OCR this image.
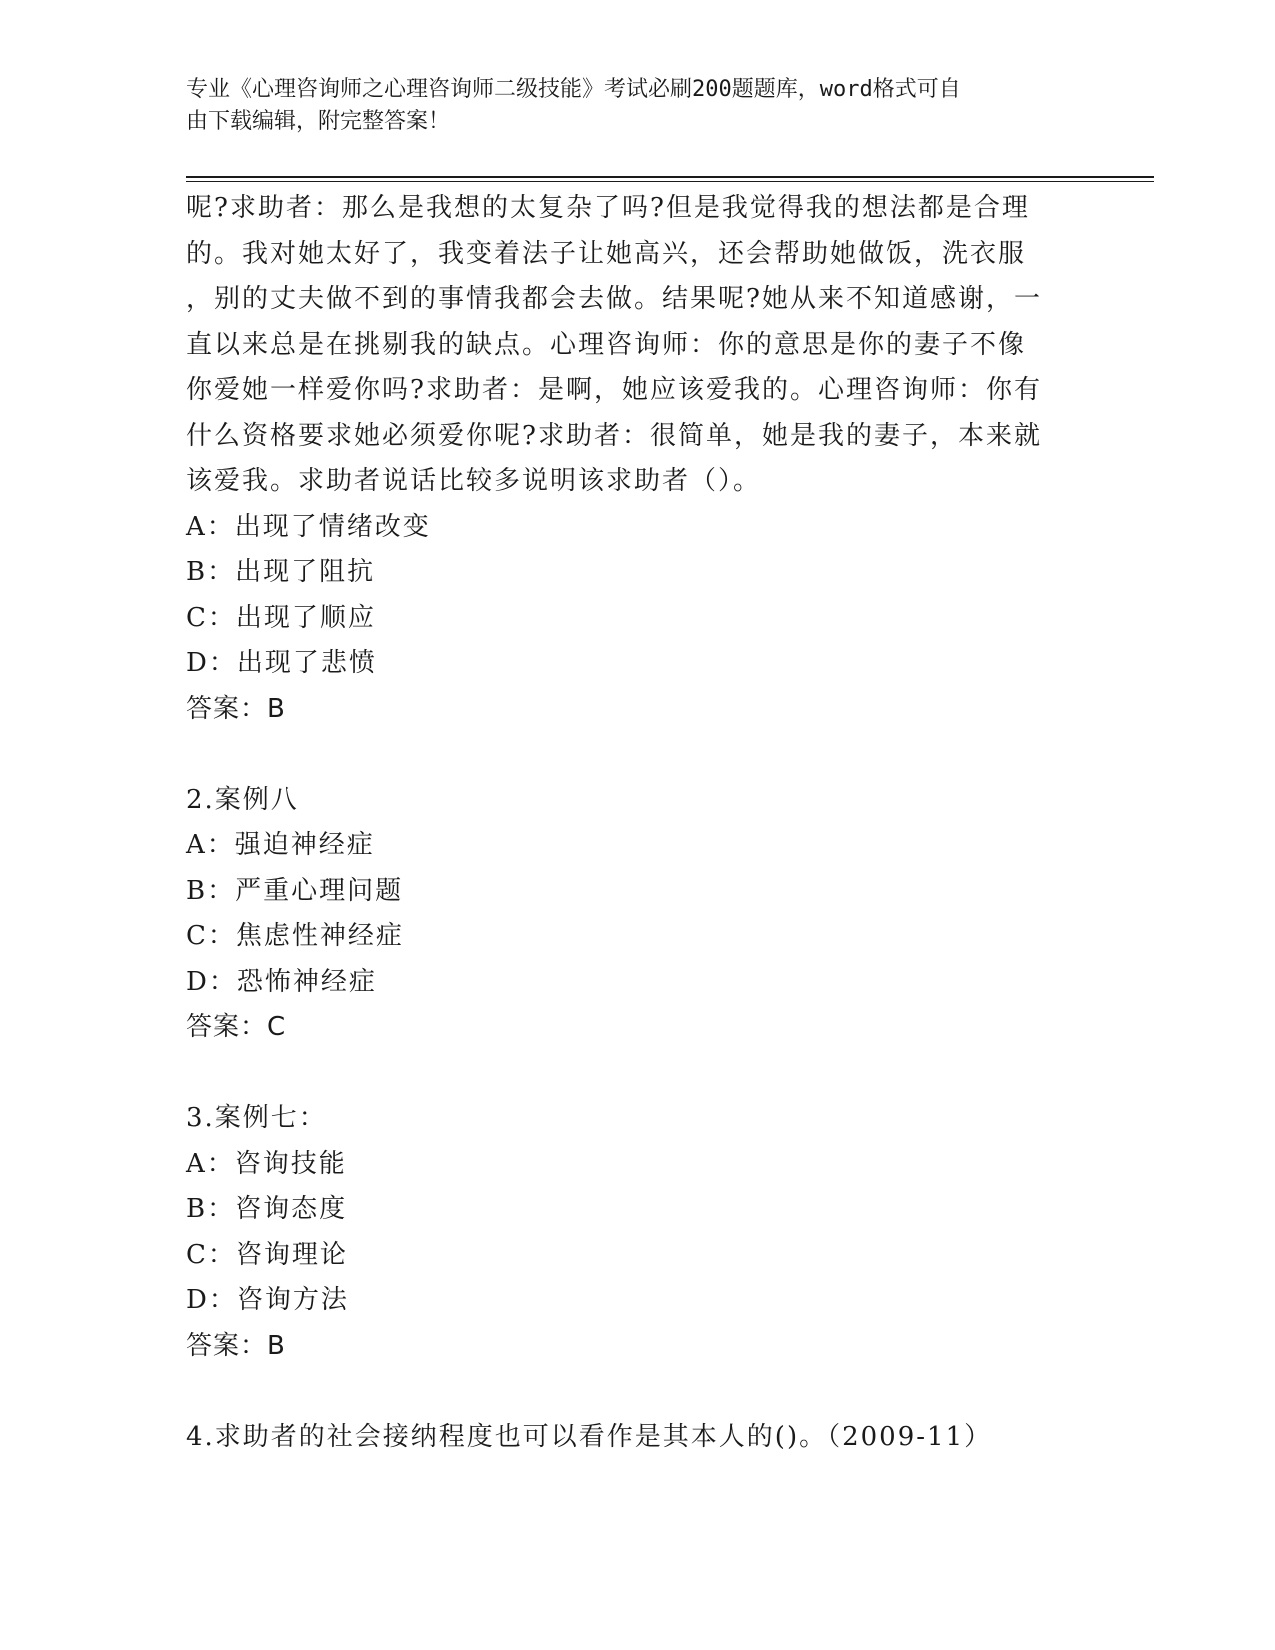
专业《心理咨询师之心理咨询师二级技能》考试必刷200题题库，word格式可自
由下载编辑，附完整答案！
呢?求助者：那么是我想的太复杂了吗?但是我觉得我的想法都是合理
的。我对她太好了，我变着法子让她高兴，还会帮助她做饭，洗衣服
，别的丈夫做不到的事情我都会去做。结果呢?她从来不知道感谢，一
直以来总是在挑剔我的缺点。心理咨询师：你的意思是你的妻子不像
你爱她一样爱你吗?求助者：是啊，她应该爱我的。心理咨询师：你有
什么资格要求她必须爱你呢?求助者：很简单，她是我的妻子，本来就
该爱我。求助者说话比较多说明该求助者（）。
A：出现了情绪改变
B：出现了阻抗
C：出现了顺应
D：出现了悲愤
答案：B
2.案例八
A：强迫神经症
B：严重心理问题
C：焦虑性神经症
D：恐怖神经症
答案：C
3.案例七：
A：咨询技能
B：咨询态度
C：咨询理论
D：咨询方法
答案：B
4.求助者的社会接纳程度也可以看作是其本人的()。（2009-11）
